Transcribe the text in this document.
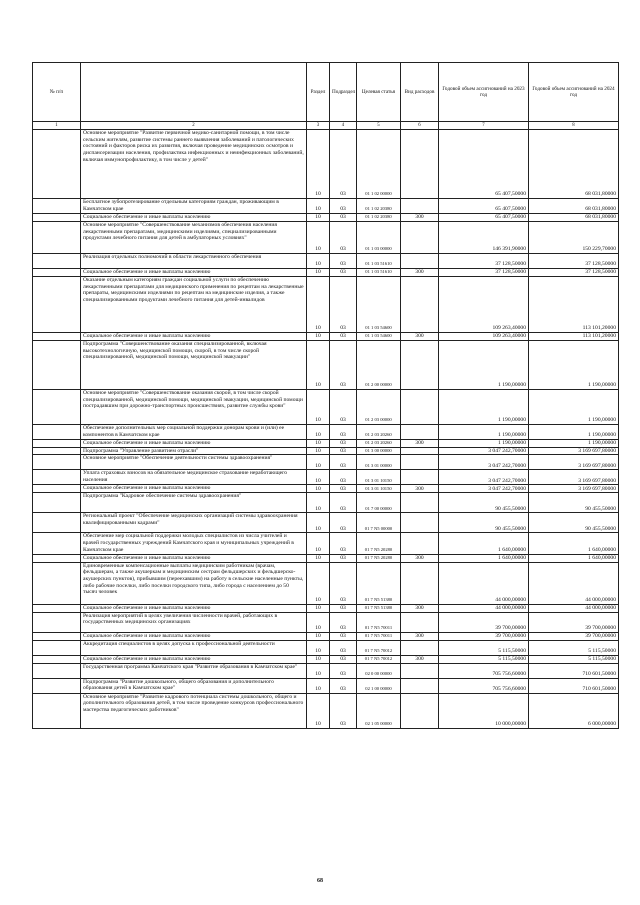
№ п/п		Раздел	Подраздел	Целевая статья	Вид расходов	Годовой объем ассигнований на 2023 год	Годовой объем ассигнований на 2024 год
1	2	3	4	5	6	7	8
	Основное мероприятие "Развитие первичной медико-санитарной помощи, в том числе сельским жителям, развитие системы раннего выявления заболеваний и патологических состояний и факторов риска их развития, включая проведение медицинских осмотров и диспансеризации населения, профилактика инфекционных и неинфекционных заболеваний, включая иммунопрофилактику, в том числе у детей"	10	03	01 1 02 00000		65 407,50000	68 031,80000
	Бесплатное зубопротезирование отдельным категориям граждан, проживающим в Камчатском крае	10	03	01 1 02 20380		65 407,50000	68 031,80000
	Социальное обеспечение и иные выплаты населению	10	03	01 1 02 20380	300	65 407,50000	68 031,80000
	Основное мероприятие "Совершенствование механизмов обеспечения населения лекарственными препаратами, медицинскими изделиями, специализированными продуктами лечебного питания для детей в амбулаторных условиях"	10	03	01 1 03 00000		146 391,90000	150 229,70000
	Реализация отдельных полномочий в области лекарственного обеспечения	10	03	01 1 03 51610		37 128,50000	37 128,50000
	Социальное обеспечение и иные выплаты населению	10	03	01 1 03 51610	300	37 128,50000	37 128,50000
	Оказание отдельным категориям граждан социальной услуги по обеспечению лекарственными препаратами для медицинского применения по рецептам на лекарственные препараты, медицинскими изделиями по рецептам на медицинские изделия, а также специализированными продуктами лечебного питания для детей-инвалидов	10	03	01 1 03 54600		109 263,40000	113 101,20000
	Социальное обеспечение и иные выплаты населению	10	03	01 1 03 54600	300	109 263,40000	113 101,20000
	Подпрограмма "Совершенствование оказания специализированной, включая высокотехнологичную, медицинской помощи, скорой, в том числе скорой специализированной, медицинской помощи, медицинской эвакуации"	10	03	01 2 00 00000		1 190,00000	1 190,00000
	Основное мероприятие "Совершенствование оказания скорой, в том числе скорой специализированной, медицинской помощи, медицинской эвакуации, медицинской помощи пострадавшим при дорожно-транспортных происшествиях, развитие службы крови"	10	03	01 2 03 00000		1 190,00000	1 190,00000
	Обеспечение дополнительных мер социальной поддержки донорам крови и (или) ее компонентов в Камчатском крае	10	03	01 2 03 20260		1 190,00000	1 190,00000
	Социальное обеспечение и иные выплаты населению	10	03	01 2 03 20260	300	1 190,00000	1 190,00000
	Подпрограмма "Управление развитием отрасли"	10	03	01 3 00 00000		3 047 242,70000	3 169 697,80000
	Основное мероприятие "Обеспечение деятельности системы здравоохранения"	10	03	01 3 01 00000		3 047 242,70000	3 169 697,80000
	Уплата страховых взносов на обязательное медицинское страхование неработающего населения	10	03	01 3 01 10150		3 047 242,70000	3 169 697,80000
	Социальное обеспечение и иные выплаты населению	10	03	01 3 01 10150	300	3 047 242,70000	3 169 697,80000
	Подпрограмма "Кадровое обеспечение системы здравоохранения"	10	03	01 7 00 00000		90 455,50000	90 455,50000
	Региональный проект "Обеспечение медицинских организаций системы здравоохранения квалифицированными кадрами"	10	03	01 7 N5 00000		90 455,50000	90 455,50000
	Обеспечение мер социальной поддержки молодых специалистов из числа учителей и врачей государственных учреждений Камчатского края и муниципальных учреждений в Камчатском крае	10	03	01 7 N5 20280		1 640,00000	1 640,00000
	Социальное обеспечение и иные выплаты населению	10	03	01 7 N5 20280	300	1 640,00000	1 640,00000
	Единовременные компенсационные выплаты медицинским работникам (врачам, фельдшерам, а также акушеркам и медицинским сестрам фельдшерских и фельдшерско-акушерских пунктов), прибывшим (переехавшим) на работу в сельские населенные пункты, либо рабочие поселки, либо поселки городского типа, либо города с населением до 50 тысяч человек	10	03	01 7 N5 51380		44 000,00000	44 000,00000
	Социальное обеспечение и иные выплаты населению	10	03	01 7 N5 51380	300	44 000,00000	44 000,00000
	Реализация мероприятий в целях увеличения численности врачей, работающих в государственных медицинских организациях	10	03	01 7 N5 70011		39 700,00000	39 700,00000
	Социальное обеспечение и иные выплаты населению	10	03	01 7 N5 70011	300	39 700,00000	39 700,00000
	Аккредитация специалистов в целях допуска к профессиональной деятельности	10	03	01 7 N5 70012		5 115,50000	5 115,50000
	Социальное обеспечение и иные выплаты населению	10	03	01 7 N5 70012	300	5 115,50000	5 115,50000
	Государственная программа Камчатского края "Развитие образования в Камчатском крае"	10	03	02 0 00 00000		705 756,60000	710 601,50000
	Подпрограмма "Развитие дошкольного, общего образования и дополнительного образования детей в Камчатском крае"	10	03	02 1 00 00000		705 756,60000	710 601,50000
	Основное мероприятие "Развитие кадрового потенциала системы дошкольного, общего и дополнительного образования детей, в том числе проведение конкурсов профессионального мастерства педагогических работников"	10	03	02 1 05 00000		10 000,00000	6 000,00000
68
